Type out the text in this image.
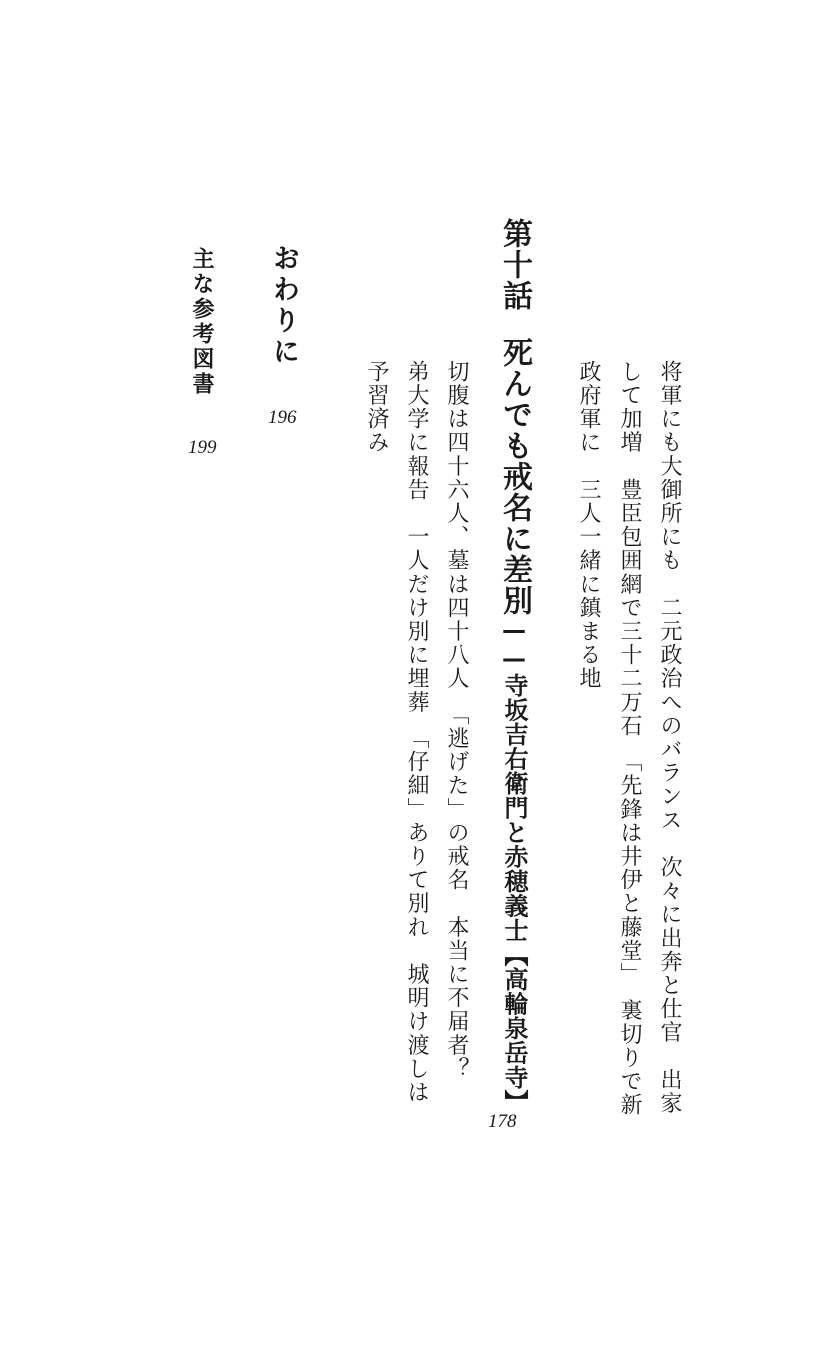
将軍にも大御所にも　二元政治へのバランス　次々に出奔と仕官　出家

して加増　豊臣包囲網で三十二万石　「先鋒は井伊と藤堂」　裏切りで新

政府軍に　三人一緒に鎮まる地

第十話死んでも戒名に差別——寺坂吉右衛門と赤穂義士【高輪泉岳寺】

178

切腹は四十六人、墓は四十八人　「逃げた」の戒名　本当に不届者？

弟大学に報告　一人だけ別に埋葬　「仔細」ありて別れ　城明け渡しは

予習済み

おわりに

196

主な参考図書

199
